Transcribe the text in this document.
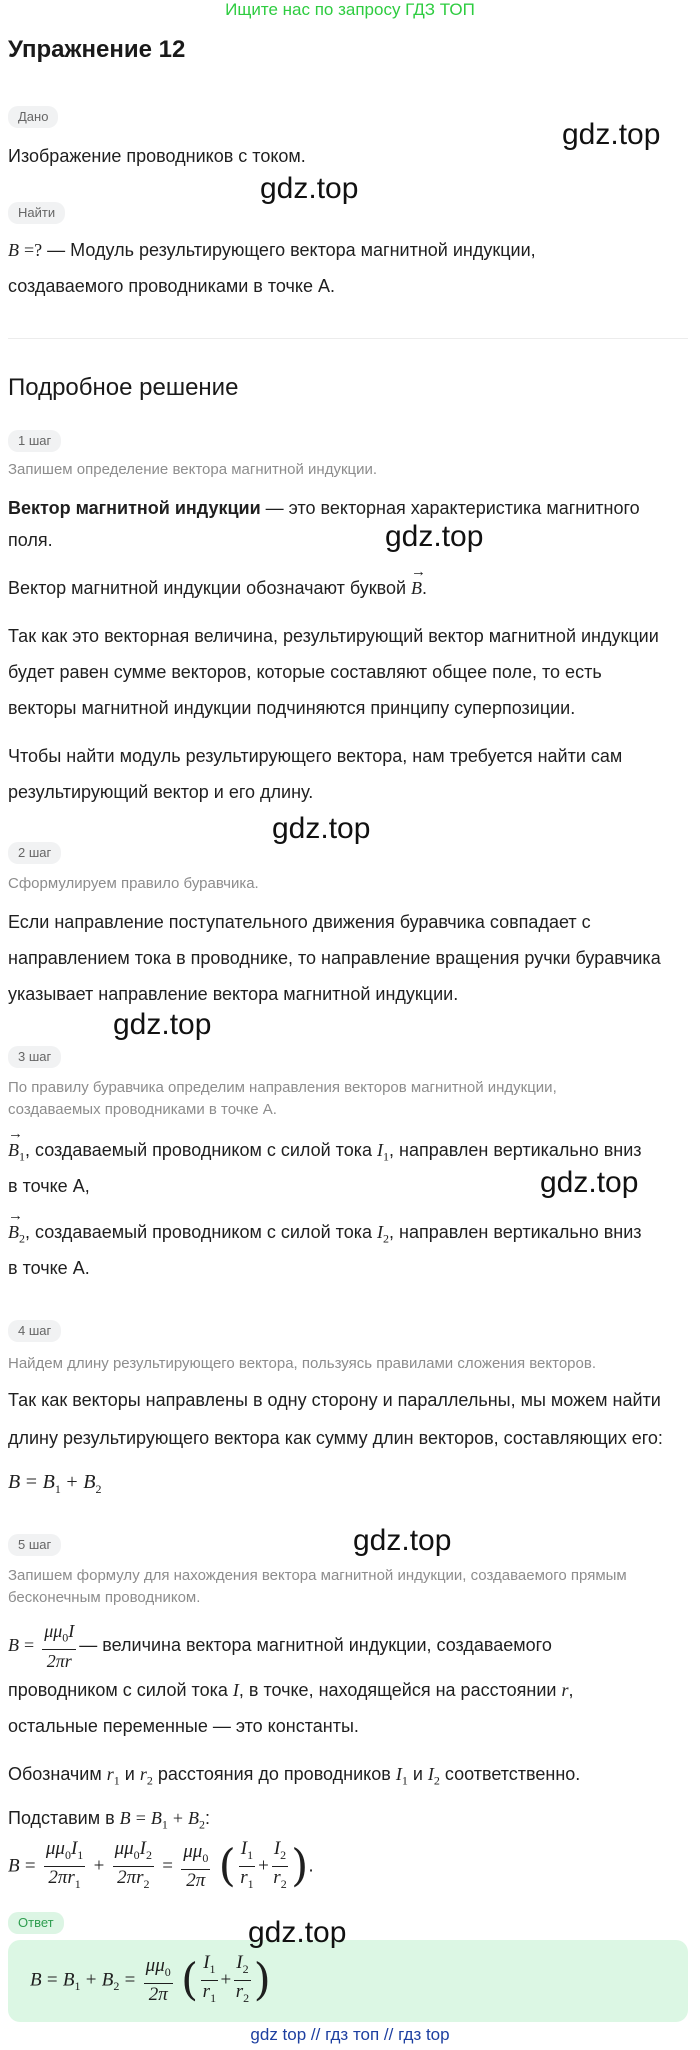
Ищите нас по запросу ГДЗ ТОП
Упражнение 12
Дано
gdz.top
Изображение проводников с током.
Найти
gdz.top
B =? — Модуль результирующего вектора магнитной индукции,
создаваемого проводниками в точке А.
Подробное решение
1 шаг
Запишем определение вектора магнитной индукции.
Вектор магнитной индукции — это векторная характеристика магнитного
поля.	gdz.top
Вектор магнитной индукции обозначают буквой → B.
Так как это векторная величина, результирующий вектор магнитной индукции
будет равен сумме векторов, которые составляют общее поле, то есть
векторы магнитной индукции подчиняются принципу суперпозиции.
Чтобы найти модуль результирующего вектора, нам требуется найти сам
результирующий вектор и его длину.
gdz.top
2 шаг
Сформулируем правило буравчика.
Если направление поступательного движения буравчика совпадает с
направлением тока в проводнике, то направление вращения ручки буравчика
указывает направление вектора магнитной индукции.
gdz.top
3 шаг
По правилу буравчика определим направления векторов магнитной индукции,
создаваемых проводниками в точке А.
→ $B_1$, создаваемый проводником с силой тока $I_1$, направлен вертикально вниз
в точке А,	gdz.top
→ $B_2$, создаваемый проводником с силой тока $I_2$, направлен вертикально вниз
в точке А.
4 шаг
Найдем длину результирующего вектора, пользуясь правилами сложения векторов.
Так как векторы направлены в одну сторону и параллельны, мы можем найти
длину результирующего вектора как сумму длин векторов, составляющих его:
$B = B_1 + B_2$
gdz.top
5 шаг
Запишем формулу для нахождения вектора магнитной индукции, создаваемого прямым
бесконечным проводником.
$B = \frac{\mu\mu_0I}{2\pi r}$ — величина вектора магнитной индукции, создаваемого
проводником с силой тока I, в точке, находящейся на расстоянии r,
остальные переменные — это константы.
Обозначим $r_1$ и $r_2$ расстояния до проводников $I_1$ и $I_2$ соответственно.
Подставим в $B = B_1 + B_2$:
$B = \frac{\mu\mu_0I_1}{2\pi r_1} + \frac{\mu\mu_0I_2}{2\pi r_2} = \frac{\mu\mu_0}{2\pi}$ ( $\frac{I_1}{r_1} + \frac{I_2}{r_2}$ ).
Ответ	gdz.top
$B = B_1 + B_2 = \frac{\mu\mu_0}{2\pi}$ ( $\frac{I_1}{r_1} + \frac{I_2}{r_2}$ )
gdz top // гдз топ // гдз top
